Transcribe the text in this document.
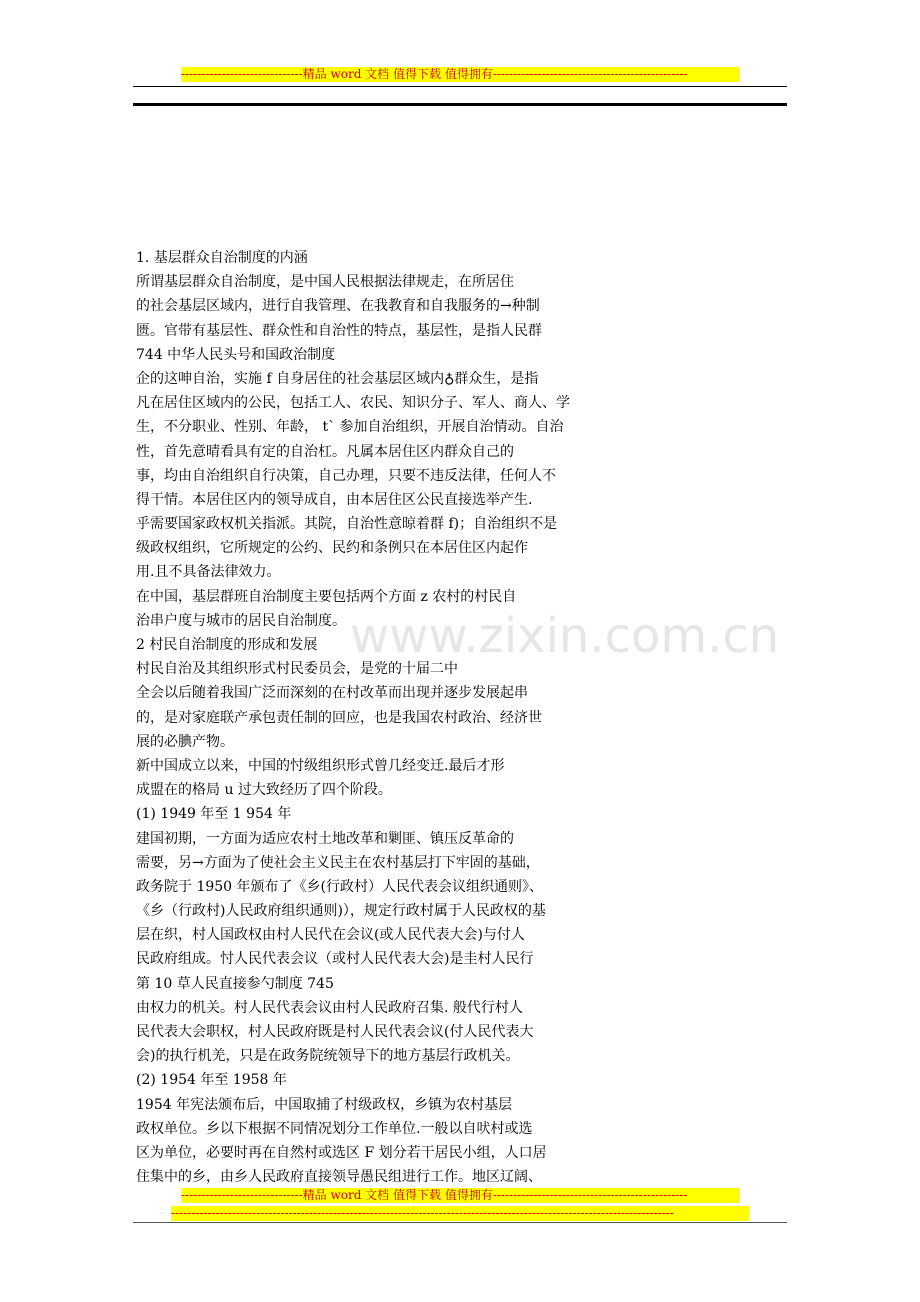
------------------------------精品 word 文档 值得下载 值得拥有------------------------------------------------
www.zixin.com.cn
1. 基层群众自治制度的内涵
所谓基层群众自治制度，是中国人民根据法律规走，在所居住
的社会基层区域内，进行自我管理、在我教育和自我服务的→种制
匮。官带有基层性、群众性和自治性的特点，基层性，是指人民群
744 中华人民头号和国政治制度
企的这呻自治，实施 f 自身居住的社会基层区域内♁群众生，是指
凡在居住区域内的公民，包括工人、农民、知识分子、军人、商人、学
生，不分职业、性别、年龄， t` 参加自治组织，开展自治情动。自治
性，首先意晴看具有定的自治杠。凡属本居住区内群众自己的
事，均由自治组织自行决策，自己办理，只要不违反法律，任何人不
得干情。本居住区内的领导成自，由本居住区公民直接选举产生.
乎需要国家政权机关指派。其院，自治性意晾着群 f)；自治组织不是
级政权组织，它所规定的公约、民约和条例只在本居住区内起作
用.且不具备法律效力。
在中国，基层群班自治制度主要包括两个方面 z 农村的村民自
治串户度与城市的居民自治制度。
2 村民自治制度的形成和发展
村民自治及其组织形式村民委员会，是党的十届二中
全会以后随着我国广泛而深刻的在村改革而出现并逐步发展起串
的，是对家庭联产承包责任制的回应，也是我国农村政治、经济世
展的必腆产物。
新中国成立以来，中国的忖级组织形式曾几经变迁.最后才形
成盟在的格局 u 过大致经历了四个阶段。
(1) 1949 年至 1 954 年
建国初期，一方面为适应农村土地改革和剿匪、镇压反革命的
需要，另→方面为了使社会主义民主在农村基层打下牢固的基础，
政务院于 1950 年颁布了《乡(行政村）人民代表会议组织通则》、
《乡（行政村)人民政府组织通则)），规定行政村属于人民政权的基
层在织，村人国政权由村人民代在会议(或人民代表大会)与付人
民政府组成。忖人民代表会议（或村人民代表大会)是圭村人民行
第 10 草人民直接参勺制度 745
由权力的机关。村人民代表会议由村人民政府召集. 般代行村人
民代表大会职权，村人民政府既是村人民代表会议(付人民代表大
会)的执行机羌，只是在政务院统领导下的地方基层行政机关。
(2) 1954 年至 1958 年
1954 年宪法颁布后，中国取捕了村级政权，乡镇为农村基层
政权单位。乡以下根据不同情况划分工作单位.一般以自吠村或选
区为单位，必要时再在自然村或选区 F 划分若干居民小组，人口居
住集中的乡，由乡人民政府直接领导愚民组进行工作。地区辽阔、
------------------------------精品 word 文档 值得下载 值得拥有------------------------------------------------
----------------------------------------------------------------------------------------------------------------------------
